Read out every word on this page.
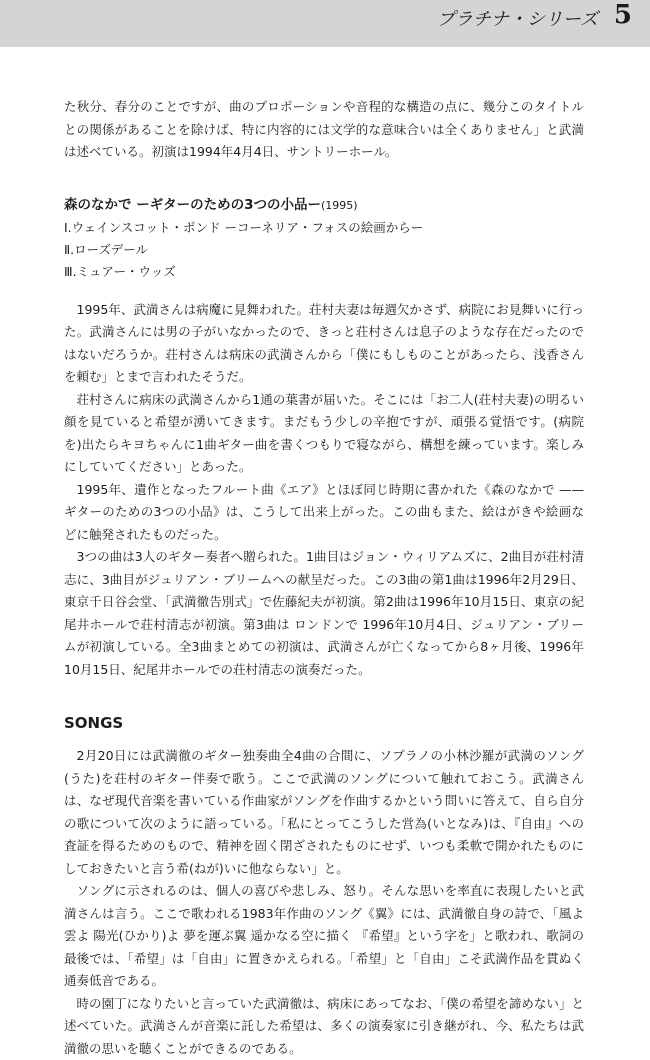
プラチナ・シリーズ 5

た秋分、春分のことですが、曲のプロポーションや音程的な構造の点に、幾分このタイトルとの関係があることを除けば、特に内容的には文学的な意味合いは全くありません」と武満は述べている。初演は1994年4月4日、サントリーホール。

森のなかで ーギターのための3つの小品ー(1995)
Ⅰ.ウェインスコット・ポンド ーコーネリア・フォスの絵画からー
Ⅱ.ローズデール
Ⅲ.ミュアー・ウッズ

1995年、武満さんは病魔に見舞われた。荘村夫妻は毎週欠かさず、病院にお見舞いに行った。武満さんには男の子がいなかったので、きっと荘村さんは息子のような存在だったのではないだろうか。荘村さんは病床の武満さんから「僕にもしものことがあったら、浅香さんを頼む」とまで言われたそうだ。

荘村さんに病床の武満さんから1通の葉書が届いた。そこには「お二人(荘村夫妻)の明るい顔を見ていると希望が湧いてきます。まだもう少しの辛抱ですが、頑張る覚悟です。(病院を)出たらキヨちゃんに1曲ギター曲を書くつもりで寝ながら、構想を練っています。楽しみにしていてください」とあった。

1995年、遺作となったフルート曲《エア》とほぼ同じ時期に書かれた《森のなかで —— ギターのための3つの小品》は、こうして出来上がった。この曲もまた、絵はがきや絵画などに触発されたものだった。

3つの曲は3人のギター奏者へ贈られた。1曲目はジョン・ウィリアムズに、2曲目が荘村清志に、3曲目がジュリアン・ブリームへの献呈だった。この3曲の第1曲は1996年2月29日、東京千日谷会堂、「武満徹告別式」で佐藤紀夫が初演。第2曲は1996年10月15日、東京の紀尾井ホールで荘村清志が初演。第3曲は ロンドンで 1996年10月4日、ジュリアン・ブリームが初演している。全3曲まとめての初演は、武満さんが亡くなってから8ヶ月後、1996年10月15日、紀尾井ホールでの荘村清志の演奏だった。

SONGS

2月20日には武満徹のギター独奏曲全4曲の合間に、ソプラノの小林沙羅が武満のソング(うた)を荘村のギター伴奏で歌う。ここで武満のソングについて触れておこう。武満さんは、なぜ現代音楽を書いている作曲家がソングを作曲するかという問いに答えて、自ら自分の歌について次のように語っている。「私にとってこうした営為(いとなみ)は、『自由』への査証を得るためのもので、精神を固く閉ざされたものにせず、いつも柔軟で開かれたものにしておきたいと言う希(ねが)いに他ならない」と。

ソングに示されるのは、個人の喜びや悲しみ、怒り。そんな思いを率直に表現したいと武満さんは言う。ここで歌われる1983年作曲のソング《翼》には、武満徹自身の詩で、「風よ 雲よ 陽光(ひかり)よ 夢を運ぶ翼 遥かなる空に描く 『希望』という字を」と歌われ、歌詞の最後では、「希望」は「自由」に置きかえられる。「希望」と「自由」こそ武満作品を貫ぬく通奏低音である。

時の園丁になりたいと言っていた武満徹は、病床にあってなお、「僕の希望を諦めない」と述べていた。武満さんが音楽に託した希望は、多くの演奏家に引き継がれ、今、私たちは武満徹の思いを聴くことができるのである。
